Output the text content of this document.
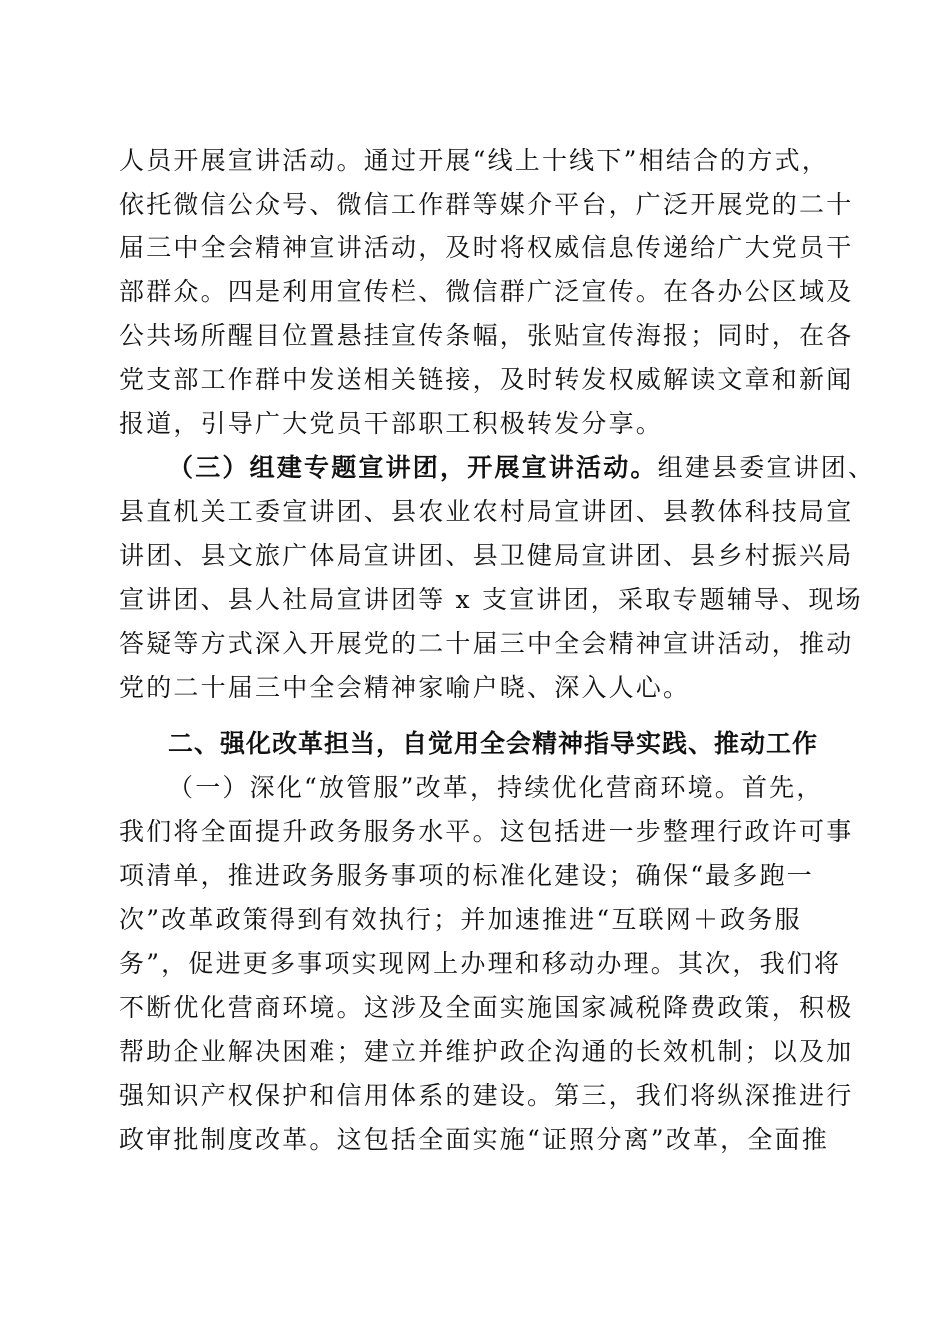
人员开展宣讲活动。通过开展“线上十线下”相结合的方式，
依托微信公众号、微信工作群等媒介平台，广泛开展党的二十
届三中全会精神宣讲活动，及时将权威信息传递给广大党员干
部群众。四是利用宣传栏、微信群广泛宣传。在各办公区域及
公共场所醒目位置悬挂宣传条幅，张贴宣传海报；同时，在各
党支部工作群中发送相关链接，及时转发权威解读文章和新闻
报道，引导广大党员干部职工积极转发分享。
（三）组建专题宣讲团，开展宣讲活动。组建县委宣讲团、
县直机关工委宣讲团、县农业农村局宣讲团、县教体科技局宣
讲团、县文旅广体局宣讲团、县卫健局宣讲团、县乡村振兴局
宣讲团、县人社局宣讲团等 x 支宣讲团，采取专题辅导、现场
答疑等方式深入开展党的二十届三中全会精神宣讲活动，推动
党的二十届三中全会精神家喻户晓、深入人心。
二、强化改革担当，自觉用全会精神指导实践、推动工作
（一）深化“放管服”改革，持续优化营商环境。首先，
我们将全面提升政务服务水平。这包括进一步整理行政许可事
项清单，推进政务服务事项的标准化建设；确保“最多跑一
次”改革政策得到有效执行；并加速推进“互联网＋政务服
务”，促进更多事项实现网上办理和移动办理。其次，我们将
不断优化营商环境。这涉及全面实施国家减税降费政策，积极
帮助企业解决困难；建立并维护政企沟通的长效机制；以及加
强知识产权保护和信用体系的建设。第三，我们将纵深推进行
政审批制度改革。这包括全面实施“证照分离”改革，全面推
